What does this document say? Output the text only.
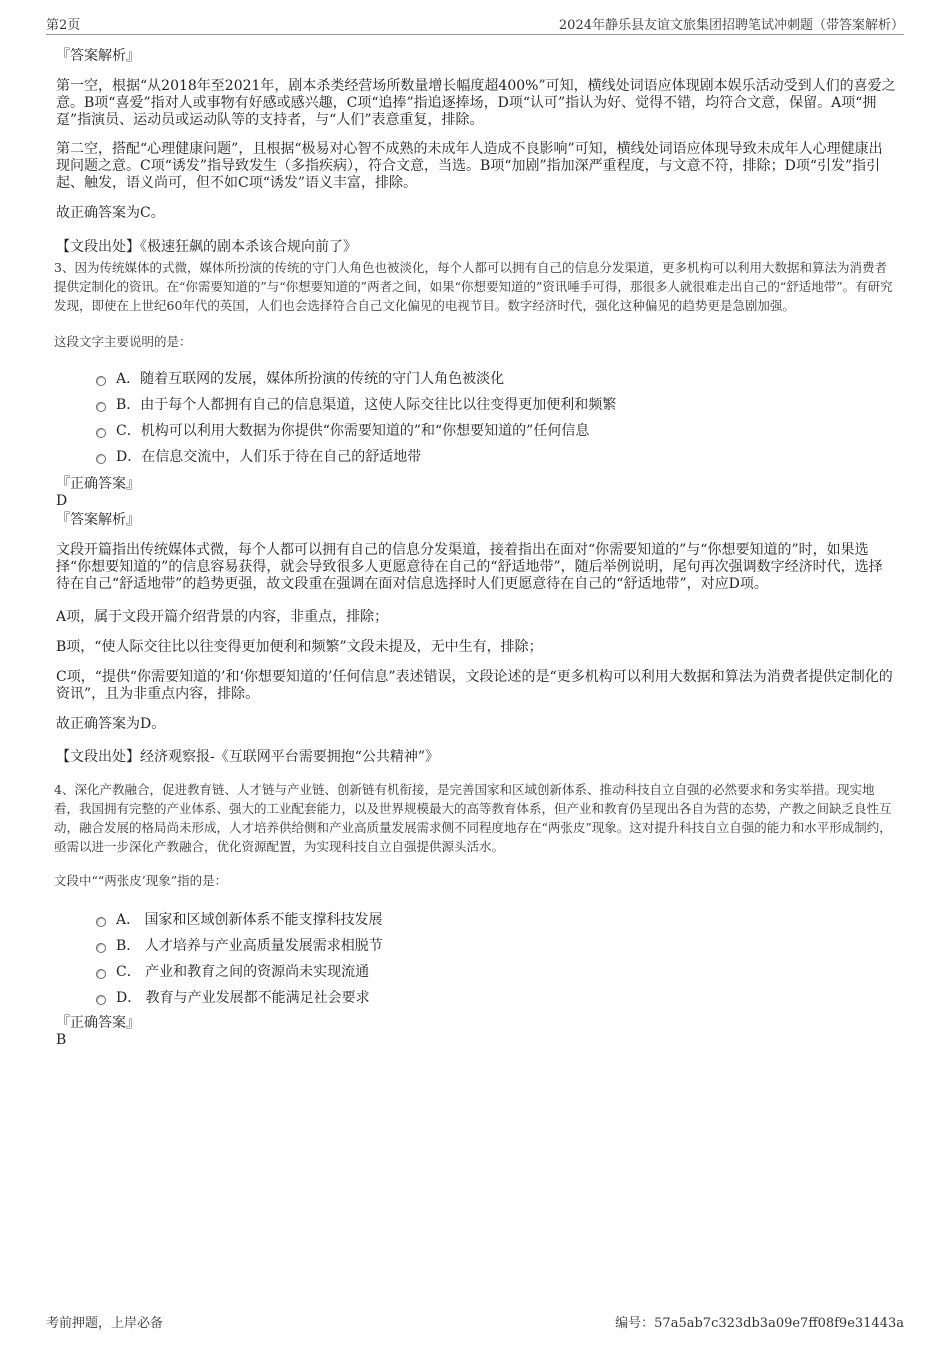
第2页	2024年静乐县友谊文旅集团招聘笔试冲刺题（带答案解析）

『答案解析』

第一空，根据“从2018年至2021年，剧本杀类经营场所数量增长幅度超400%”可知，横线处词语应体现剧本娱乐活动受到人们的喜爱之意。B项“喜爱”指对人或事物有好感或感兴趣，C项“追捧”指追逐捧场，D项“认可”指认为好、觉得不错，均符合文意，保留。A项“拥趸”指演员、运动员或运动队等的支持者，与“人们”表意重复，排除。

第二空，搭配“心理健康问题”，且根据“极易对心智不成熟的未成年人造成不良影响”可知，横线处词语应体现导致未成年人心理健康出现问题之意。C项“诱发”指导致发生（多指疾病），符合文意，当选。B项“加剧”指加深严重程度，与文意不符，排除；D项“引发”指引起、触发，语义尚可，但不如C项“诱发”语义丰富，排除。

故正确答案为C。

【文段出处】《极速狂飙的剧本杀该合规向前了》

3、因为传统媒体的式微，媒体所扮演的传统的守门人角色也被淡化，每个人都可以拥有自己的信息分发渠道，更多机构可以利用大数据和算法为消费者提供定制化的资讯。在“你需要知道的”与“你想要知道的”两者之间，如果“你想要知道的”资讯唾手可得，那很多人就很难走出自己的“舒适地带”。有研究发现，即使在上世纪60年代的英国，人们也会选择符合自己文化偏见的电视节目。数字经济时代，强化这种偏见的趋势更是急剧加强。

这段文字主要说明的是：

A．随着互联网的发展，媒体所扮演的传统的守门人角色被淡化
B．由于每个人都拥有自己的信息渠道，这使人际交往比以往变得更加便利和频繁
C．机构可以利用大数据为你提供“你需要知道的”和“你想要知道的”任何信息
D．在信息交流中，人们乐于待在自己的舒适地带

『正确答案』

D

『答案解析』

文段开篇指出传统媒体式微，每个人都可以拥有自己的信息分发渠道，接着指出在面对“你需要知道的”与“你想要知道的”时，如果选择“你想要知道的”的信息容易获得，就会导致很多人更愿意待在自己的“舒适地带”，随后举例说明，尾句再次强调数字经济时代，选择待在自己“舒适地带”的趋势更强，故文段重在强调在面对信息选择时人们更愿意待在自己的“舒适地带”，对应D项。

A项，属于文段开篇介绍背景的内容，非重点，排除；

B项，“使人际交往比以往变得更加便利和频繁”文段未提及，无中生有，排除；

C项，“提供“你需要知道的’和‘你想要知道的’任何信息”表述错误，文段论述的是“更多机构可以利用大数据和算法为消费者提供定制化的资讯”，且为非重点内容，排除。

故正确答案为D。

【文段出处】经济观察报-《互联网平台需要拥抱“公共精神”》

4、深化产教融合，促进教育链、人才链与产业链、创新链有机衔接，是完善国家和区域创新体系、推动科技自立自强的必然要求和务实举措。现实地看，我国拥有完整的产业体系、强大的工业配套能力，以及世界规模最大的高等教育体系，但产业和教育仍呈现出各自为营的态势，产教之间缺乏良性互动，融合发展的格局尚未形成，人才培养供给侧和产业高质量发展需求侧不同程度地存在“两张皮”现象。这对提升科技自立自强的能力和水平形成制约，亟需以进一步深化产教融合，优化资源配置，为实现科技自立自强提供源头活水。

文段中““两张皮’现象”指的是：

A． 国家和区域创新体系不能支撑科技发展
B． 人才培养与产业高质量发展需求相脱节
C． 产业和教育之间的资源尚未实现流通
D． 教育与产业发展都不能满足社会要求

『正确答案』

B

考前押题，上岸必备	编号：57a5ab7c323db3a09e7ff08f9e31443a
